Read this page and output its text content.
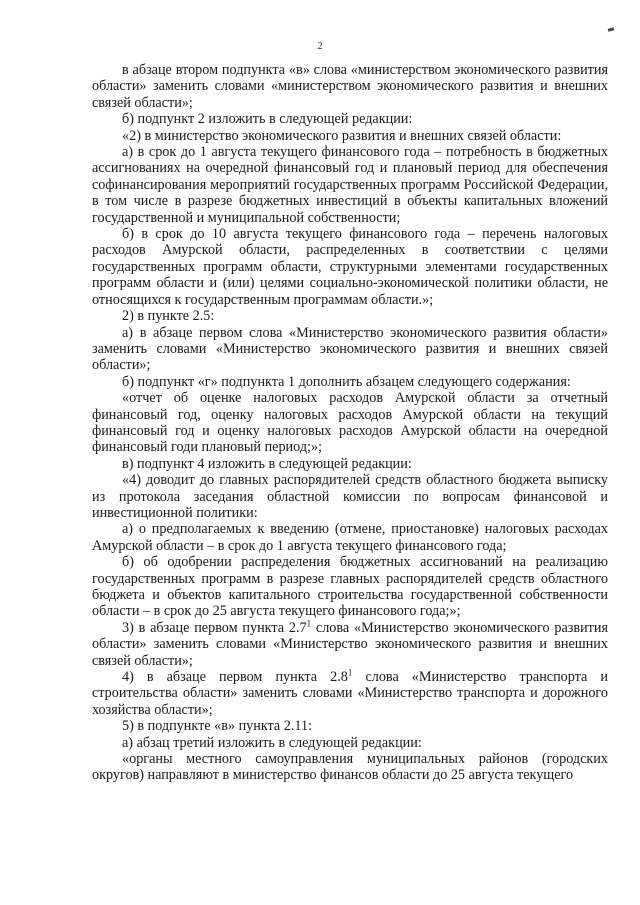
2

в абзаце втором подпункта «в» слова «министерством экономического развития области» заменить словами «министерством экономического развития и внешних связей области»;

б) подпункт 2 изложить в следующей редакции:

«2) в министерство экономического развития и внешних связей области:

а) в срок до 1 августа текущего финансового года – потребность в бюджетных ассигнованиях на очередной финансовый год и плановый период для обеспечения софинансирования мероприятий государственных программ Российской Федерации, в том числе в разрезе бюджетных инвестиций в объекты капитальных вложений государственной и муниципальной собственности;

б) в срок до 10 августа текущего финансового года – перечень налоговых расходов Амурской области, распределенных в соответствии с целями государственных программ области, структурными элементами государственных программ области и (или) целями социально-экономической политики области, не относящихся к государственным программам области.»;

2) в пункте 2.5:

а) в абзаце первом слова «Министерство экономического развития области» заменить словами «Министерство экономического развития и внешних связей области»;

б) подпункт «г» подпункта 1 дополнить абзацем следующего содержания:

«отчет об оценке налоговых расходов Амурской области за отчетный финансовый год, оценку налоговых расходов Амурской области на текущий финансовый год и оценку налоговых расходов Амурской области на очередной финансовый годи плановый период;»;

в) подпункт 4 изложить в следующей редакции:

«4) доводит до главных распорядителей средств областного бюджета выписку из протокола заседания областной комиссии по вопросам финансовой и инвестиционной политики:

а) о предполагаемых к введению (отмене, приостановке) налоговых расходах Амурской области – в срок до 1 августа текущего финансового года;

б) об одобрении распределения бюджетных ассигнований на реализацию государственных программ в разрезе главных распорядителей средств областного бюджета и объектов капитального строительства государственной собственности области – в срок до 25 августа текущего финансового года;»;

3) в абзаце первом пункта $2.7^1$ слова «Министерство экономического развития области» заменить словами «Министерство экономического развития и внешних связей области»;

4) в абзаце первом пункта $2.8^1$ слова «Министерство транспорта и строительства области» заменить словами «Министерство транспорта и дорожного хозяйства области»;

5) в подпункте «в» пункта 2.11:

а) абзац третий изложить в следующей редакции:

«органы местного самоуправления муниципальных районов (городских округов) направляют в министерство финансов области до 25 августа текущего
